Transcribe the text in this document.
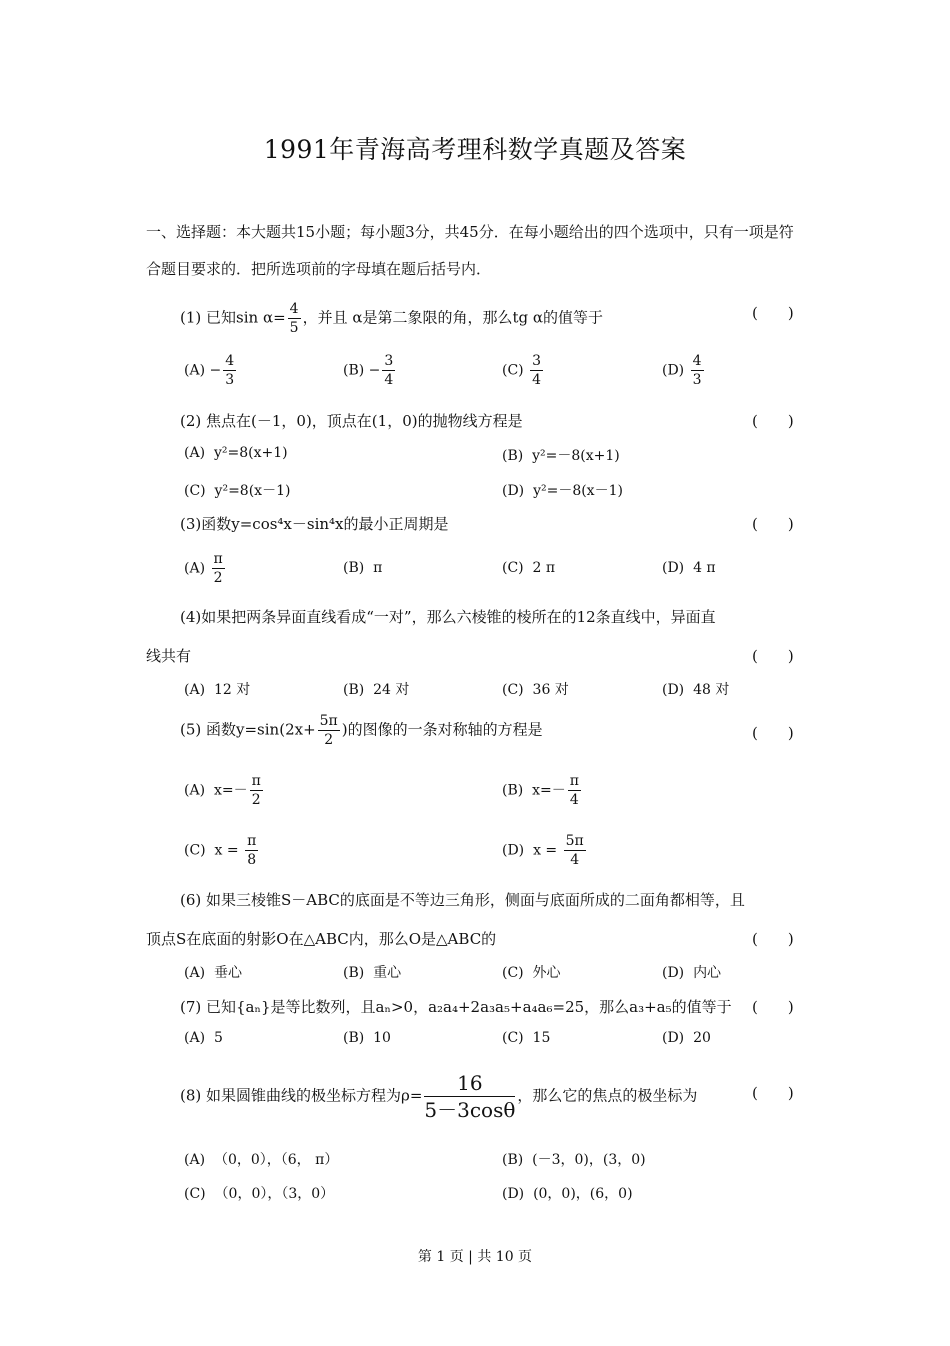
1991年青海高考理科数学真题及答案
一、选择题：本大题共15小题；每小题3分，共45分．在每小题给出的四个选项中，只有一项是符合题目要求的．把所选项前的字母填在题后括号内．
(1) 已知$\sin \alpha= \frac{4}{5}$ ，并且 α是第二象限的角，那么tg α的值等于	(　　)
$(A) - \frac{4}{3}$	$(B) - \frac{3}{4}$	$(C) \frac{3}{4}$	$(D) \frac{4}{3}$
(2) 焦点在(－1，0)，顶点在(1，0)的抛物线方程是	(　　)
(A) y²=8(x+1)	(B) y²=－8(x+1)
(C) y²=8(x－1)	(D) y²=－8(x－1)
(3)函数y=cos⁴x－sin⁴x的最小正周期是	(　　)
$(A) \frac{\pi}{2}$	(B) π	(C) 2 π	(D) 4 π
(4)如果把两条异面直线看成“一对”，那么六棱锥的棱所在的12条直线中，异面直
线共有	(　　)
(A) 12 对	(B) 24 对	(C) 36 对	(D) 48 对
(5) 函数$y=\sin(2x+ \frac{5\pi}{2}$ )的图像的一条对称轴的方程是	(　　)
(A) $x=- \frac{\pi}{2}$	(B) $x=- \frac{\pi}{4}$
(C) $x = \frac{\pi}{8}$	(D) $x = \frac{5\pi}{4}$
(6) 如果三棱锥S－ABC的底面是不等边三角形，侧面与底面所成的二面角都相等，且
顶点S在底面的射影O在△ABC内，那么O是△ABC的	(　　)
(A) 垂心	(B) 重心	(C) 外心	(D) 内心
(7) 已知{aₙ}是等比数列，且aₙ>0，a₂a₄+2a₃a₅+a₄a₆=25，那么a₃+a₅的值等于 (　　)
(A) 5	(B) 10	(C) 15	(D) 20
(8) 如果圆锥曲线的极坐标方程为$\rho= \frac{16}{5-3\cos\theta}$ ，那么它的焦点的极坐标为	(　　)
(A) （0，0），（6， π）	(B) (－3，0)，(3，0)
(C) （0，0），（3，0）	(D) (0，0)，(6，0)
第 1 页 | 共 10 页
